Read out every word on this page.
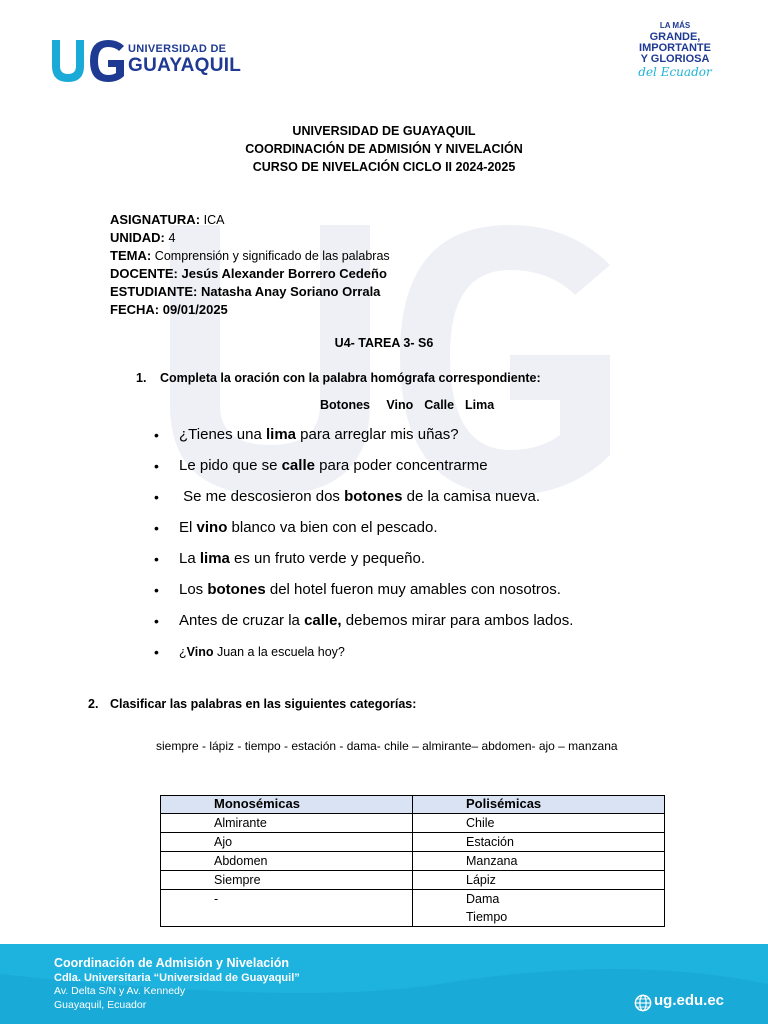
UNIVERSIDAD DE
GUAYAQUIL
LA MÁS
GRANDE,
IMPORTANTE
Y GLORIOSA
del Ecuador
UNIVERSIDAD DE GUAYAQUIL
COORDINACIÓN DE ADMISIÓN Y NIVELACIÓN
CURSO DE NIVELACIÓN CICLO II 2024-2025
ASIGNATURA: ICA
UNIDAD: 4
TEMA: Comprensión y significado de las palabras
DOCENTE: Jesús Alexander Borrero Cedeño
ESTUDIANTE: Natasha Anay Soriano Orrala
FECHA: 09/01/2025
U4- TAREA 3- S6
1. Completa la oración con la palabra homógrafa correspondiente:
Botones   Vino  Calle  Lima
• ¿Tienes una lima para arreglar mis uñas?
• Le pido que se calle para poder concentrarme
• Se me descosieron dos botones de la camisa nueva.
• El vino blanco va bien con el pescado.
• La lima es un fruto verde y pequeño.
• Los botones del hotel fueron muy amables con nosotros.
• Antes de cruzar la calle, debemos mirar para ambos lados.
• ¿Vino Juan a la escuela hoy?
2. Clasificar las palabras en las siguientes categorías:
siempre - lápiz - tiempo - estación - dama- chile – almirante– abdomen- ajo – manzana
Monosémicas	Polisémicas
Almirante	Chile
Ajo	Estación
Abdomen	Manzana
Siempre	Lápiz
-	Dama
Tiempo
Coordinación de Admisión y Nivelación
Cdla. Universitaria “Universidad de Guayaquil”
Av. Delta S/N y Av. Kennedy
Guayaquil, Ecuador	ug.edu.ec
